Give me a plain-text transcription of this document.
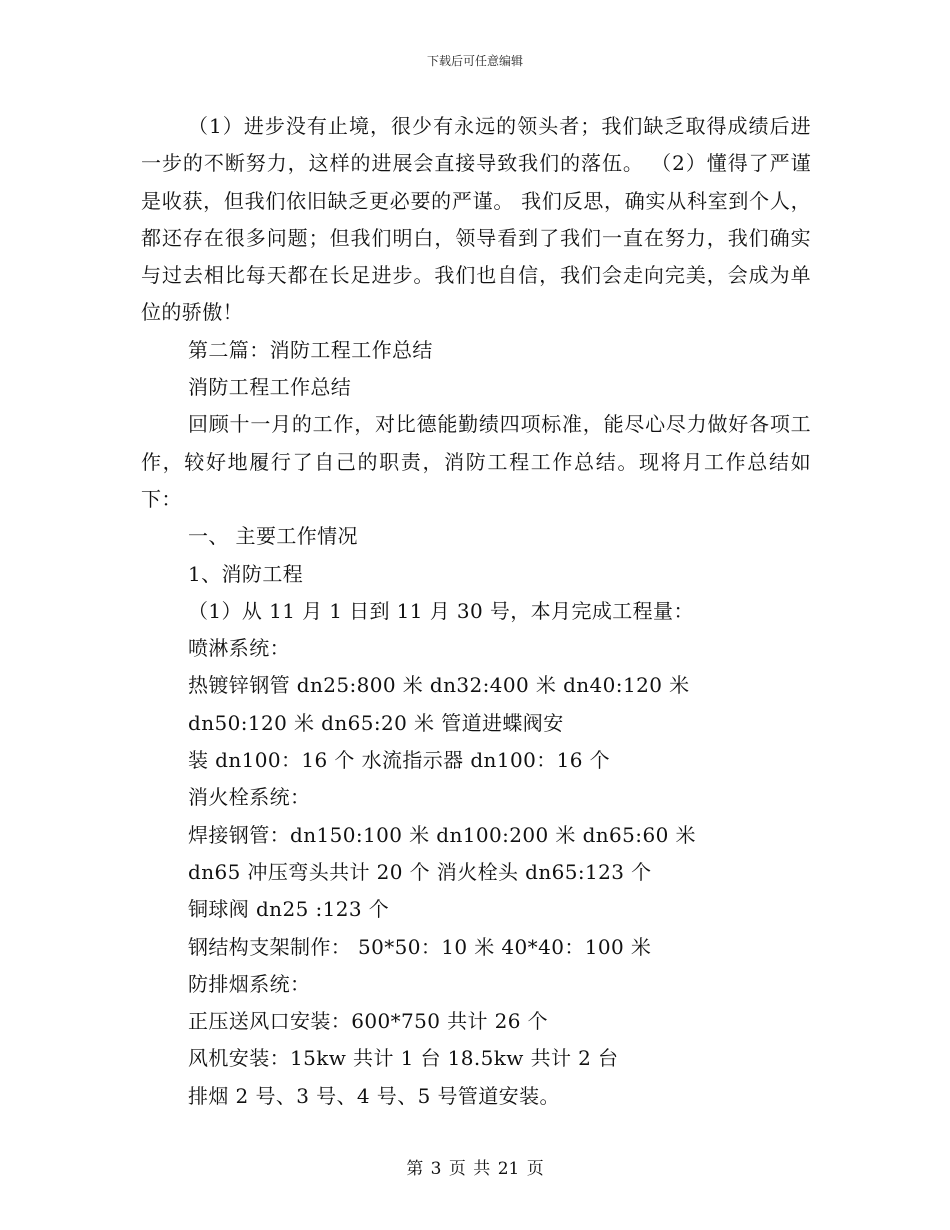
下载后可任意编辑

（1）进步没有止境，很少有永远的领头者；我们缺乏取得成绩后进一步的不断努力，这样的进展会直接导致我们的落伍。 （2）懂得了严谨是收获，但我们依旧缺乏更必要的严谨。 我们反思，确实从科室到个人，都还存在很多问题；但我们明白，领导看到了我们一直在努力，我们确实与过去相比每天都在长足进步。我们也自信，我们会走向完美，会成为单位的骄傲！

第二篇：消防工程工作总结

消防工程工作总结

回顾十一月的工作，对比德能勤绩四项标准，能尽心尽力做好各项工作，较好地履行了自己的职责，消防工程工作总结。现将月工作总结如下：

一、 主要工作情况

1、消防工程

（1）从 11 月 1 日到 11 月 30 号，本月完成工程量：

喷淋系统：

热镀锌钢管 dn25:800 米 dn32:400 米 dn40:120 米

dn50:120 米 dn65:20 米 管道进蝶阀安

装 dn100：16 个 水流指示器 dn100：16 个

消火栓系统：

焊接钢管：dn150:100 米 dn100:200 米 dn65:60 米

dn65 冲压弯头共计 20 个 消火栓头 dn65:123 个

铜球阀 dn25 :123 个

钢结构支架制作： 50*50：10 米 40*40：100 米

防排烟系统：

正压送风口安装：600*750 共计 26 个

风机安装：15kw 共计 1 台 18.5kw 共计 2 台

排烟 2 号、3 号、4 号、5 号管道安装。

第 3 页 共 21 页
